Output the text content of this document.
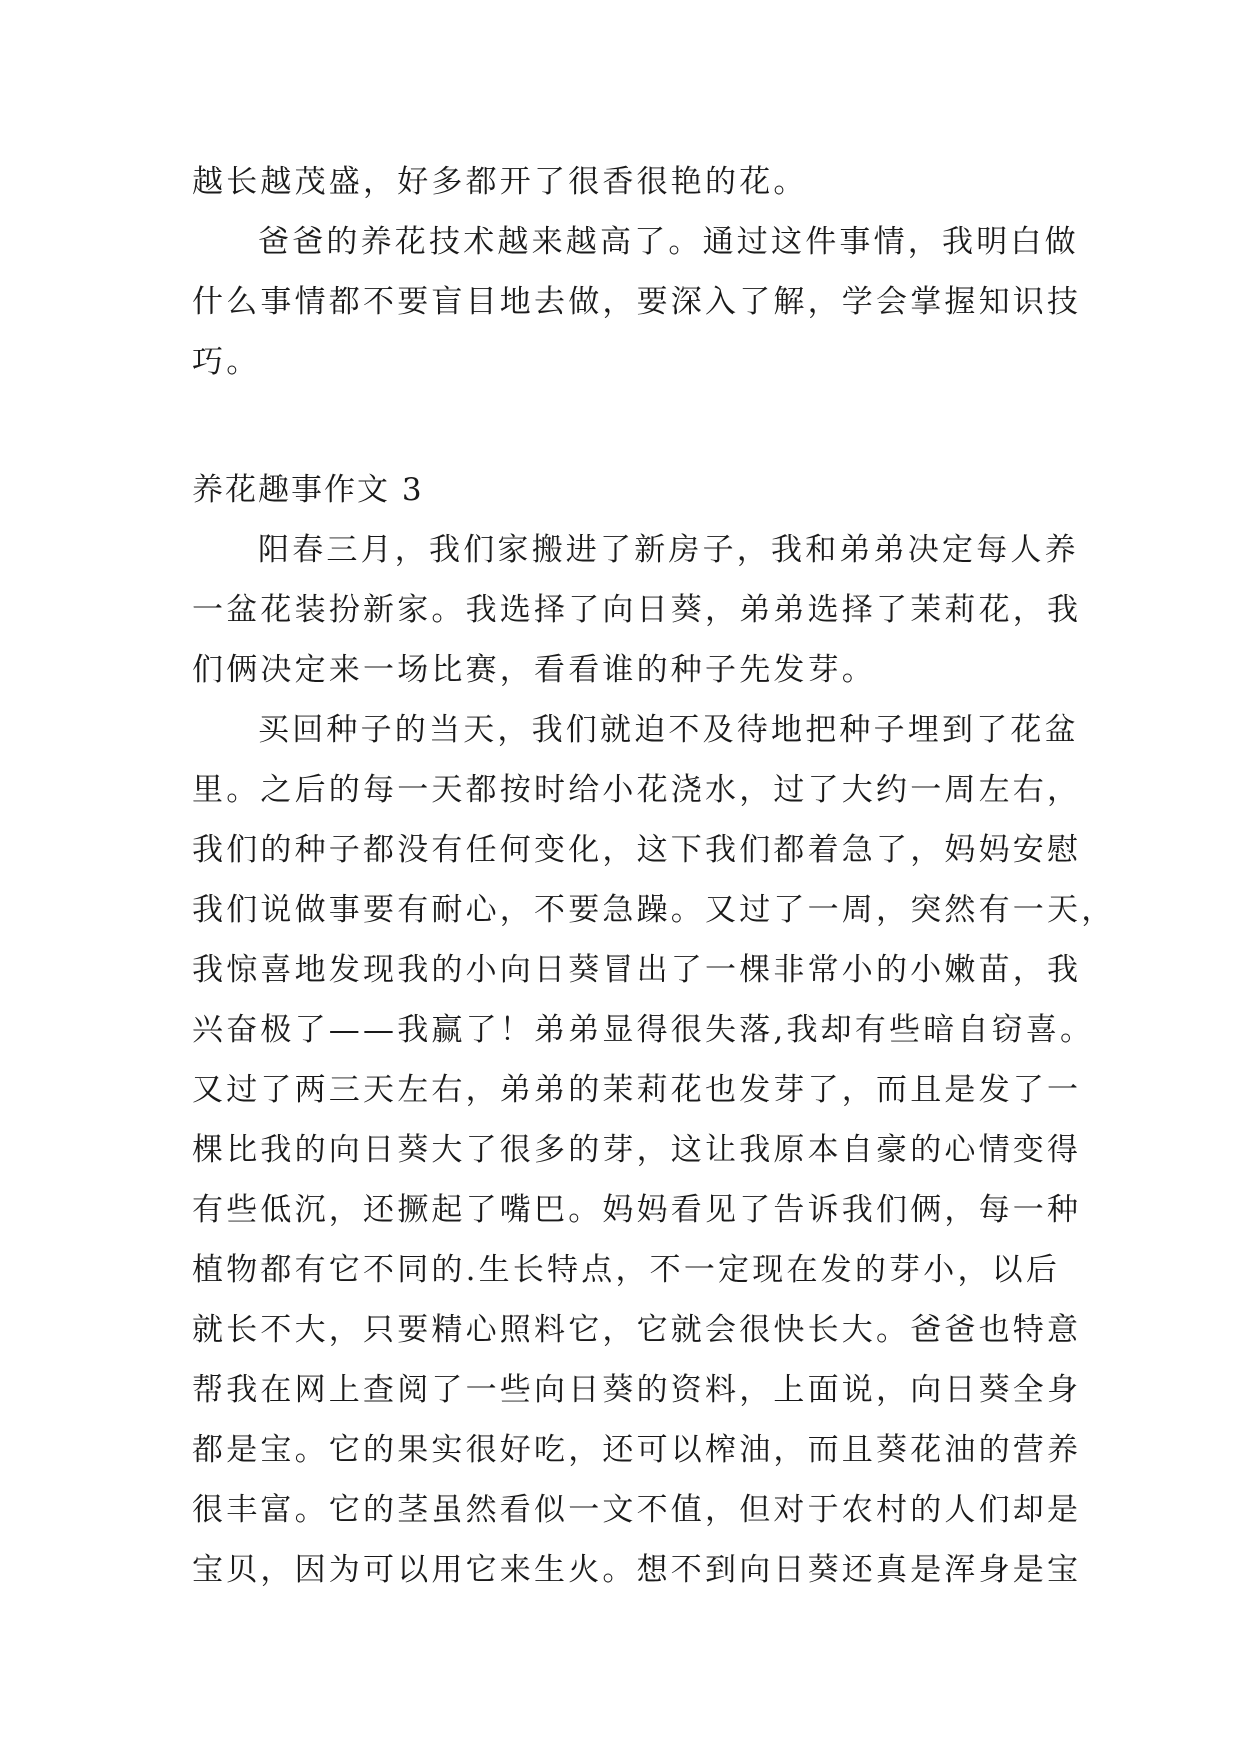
越长越茂盛，好多都开了很香很艳的花。
爸爸的养花技术越来越高了。通过这件事情，我明白做
什么事情都不要盲目地去做，要深入了解，学会掌握知识技
巧。
养花趣事作文 3
阳春三月，我们家搬进了新房子，我和弟弟决定每人养
一盆花装扮新家。我选择了向日葵，弟弟选择了茉莉花，我
们俩决定来一场比赛，看看谁的种子先发芽。
买回种子的当天，我们就迫不及待地把种子埋到了花盆
里。之后的每一天都按时给小花浇水，过了大约一周左右，
我们的种子都没有任何变化，这下我们都着急了，妈妈安慰
我们说做事要有耐心，不要急躁。又过了一周，突然有一天，
我惊喜地发现我的小向日葵冒出了一棵非常小的小嫩苗，我
兴奋极了——我赢了！弟弟显得很失落,我却有些暗自窃喜。
又过了两三天左右，弟弟的茉莉花也发芽了，而且是发了一
棵比我的向日葵大了很多的芽，这让我原本自豪的心情变得
有些低沉，还撅起了嘴巴。妈妈看见了告诉我们俩，每一种
植物都有它不同的.生长特点，不一定现在发的芽小，以后
就长不大，只要精心照料它，它就会很快长大。爸爸也特意
帮我在网上查阅了一些向日葵的资料，上面说，向日葵全身
都是宝。它的果实很好吃，还可以榨油，而且葵花油的营养
很丰富。它的茎虽然看似一文不值，但对于农村的人们却是
宝贝，因为可以用它来生火。想不到向日葵还真是浑身是宝
